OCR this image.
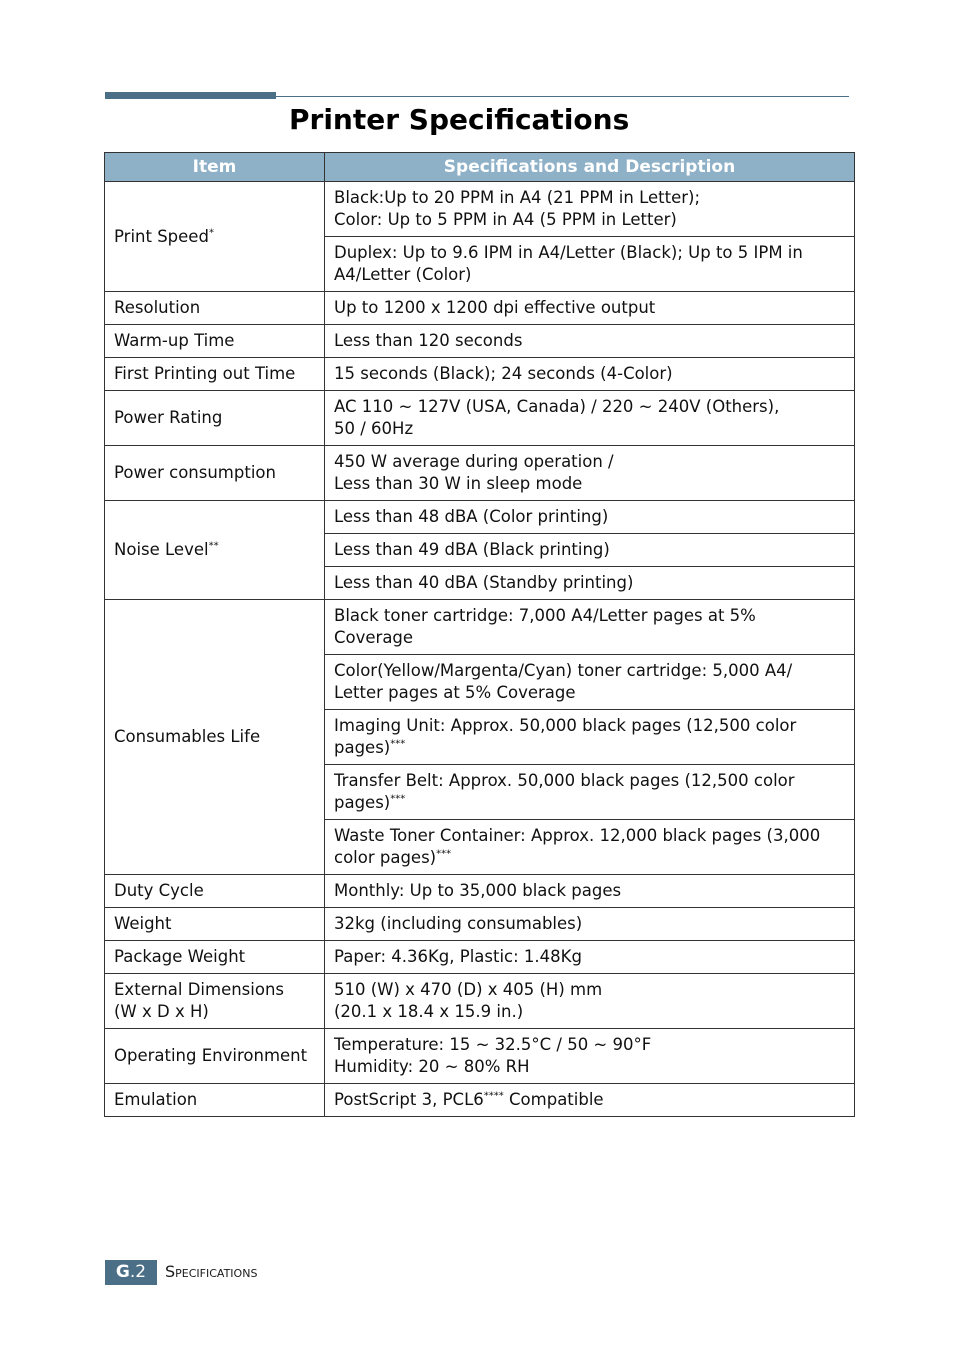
Printer Specifications
Item	Specifications and Description
Print Speed*	Black:Up to 20 PPM in A4 (21 PPM in Letter);
Color: Up to 5 PPM in A4 (5 PPM in Letter)
	Duplex: Up to 9.6 IPM in A4/Letter (Black); Up to 5 IPM in
A4/Letter (Color)
Resolution	Up to 1200 x 1200 dpi effective output
Warm-up Time	Less than 120 seconds
First Printing out Time	15 seconds (Black); 24 seconds (4-Color)
Power Rating	AC 110 ~ 127V (USA, Canada) / 220 ~ 240V (Others),
50 / 60Hz
Power consumption	450 W average during operation /
Less than 30 W in sleep mode
Noise Level**	Less than 48 dBA (Color printing)
	Less than 49 dBA (Black printing)
	Less than 40 dBA (Standby printing)
Consumables Life	Black toner cartridge: 7,000 A4/Letter pages at 5%
Coverage
	Color(Yellow/Margenta/Cyan) toner cartridge: 5,000 A4/
Letter pages at 5% Coverage
	Imaging Unit: Approx. 50,000 black pages (12,500 color
pages)***
	Transfer Belt: Approx. 50,000 black pages (12,500 color
pages)***
	Waste Toner Container: Approx. 12,000 black pages (3,000
color pages)***
Duty Cycle	Monthly: Up to 35,000 black pages
Weight	32kg (including consumables)
Package Weight	Paper: 4.36Kg, Plastic: 1.48Kg
External Dimensions
(W x D x H)	510 (W) x 470 (D) x 405 (H) mm
(20.1 x 18.4 x 15.9 in.)
Operating Environment	Temperature: 15 ~ 32.5°C / 50 ~ 90°F
Humidity: 20 ~ 80% RH
Emulation	PostScript 3, PCL6**** Compatible
G.2	Specifications
